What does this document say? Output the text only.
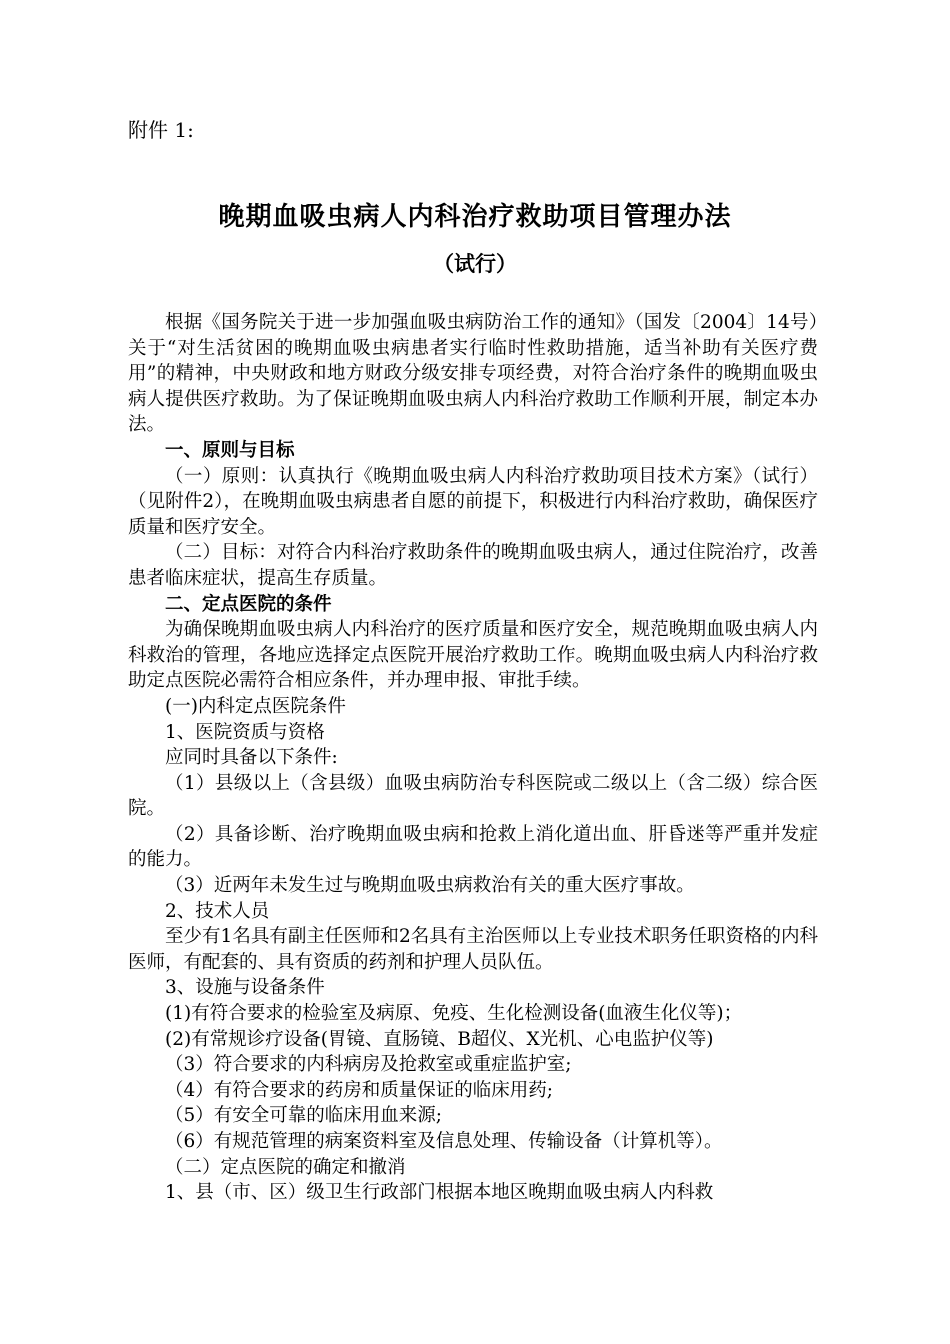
附件 1:
晚期血吸虫病人内科治疗救助项目管理办法
（试行）

根据《国务院关于进一步加强血吸虫病防治工作的通知》（国发〔2004〕14号）关于“对生活贫困的晚期血吸虫病患者实行临时性救助措施，适当补助有关医疗费用”的精神，中央财政和地方财政分级安排专项经费，对符合治疗条件的晚期血吸虫病人提供医疗救助。为了保证晚期血吸虫病人内科治疗救助工作顺利开展，制定本办法。

一、原则与目标

（一）原则：认真执行《晚期血吸虫病人内科治疗救助项目技术方案》（试行）（见附件2），在晚期血吸虫病患者自愿的前提下，积极进行内科治疗救助，确保医疗质量和医疗安全。

（二）目标：对符合内科治疗救助条件的晚期血吸虫病人，通过住院治疗，改善患者临床症状，提高生存质量。

二、定点医院的条件

为确保晚期血吸虫病人内科治疗的医疗质量和医疗安全，规范晚期血吸虫病人内科救治的管理，各地应选择定点医院开展治疗救助工作。晚期血吸虫病人内科治疗救助定点医院必需符合相应条件，并办理申报、审批手续。

(一)内科定点医院条件

1、医院资质与资格

应同时具备以下条件:

（1）县级以上（含县级）血吸虫病防治专科医院或二级以上（含二级）综合医院。

（2）具备诊断、治疗晚期血吸虫病和抢救上消化道出血、肝昏迷等严重并发症的能力。

（3）近两年未发生过与晚期血吸虫病救治有关的重大医疗事故。

2、技术人员

至少有1名具有副主任医师和2名具有主治医师以上专业技术职务任职资格的内科医师，有配套的、具有资质的药剂和护理人员队伍。

3、设施与设备条件

(1)有符合要求的检验室及病原、免疫、生化检测设备(血液生化仪等)；

(2)有常规诊疗设备(胃镜、直肠镜、B超仪、X光机、心电监护仪等)

（3）符合要求的内科病房及抢救室或重症监护室;

（4）有符合要求的药房和质量保证的临床用药;

（5）有安全可靠的临床用血来源;

（6）有规范管理的病案资料室及信息处理、传输设备（计算机等）。

（二）定点医院的确定和撤消

1、县（市、区）级卫生行政部门根据本地区晚期血吸虫病人内科救
